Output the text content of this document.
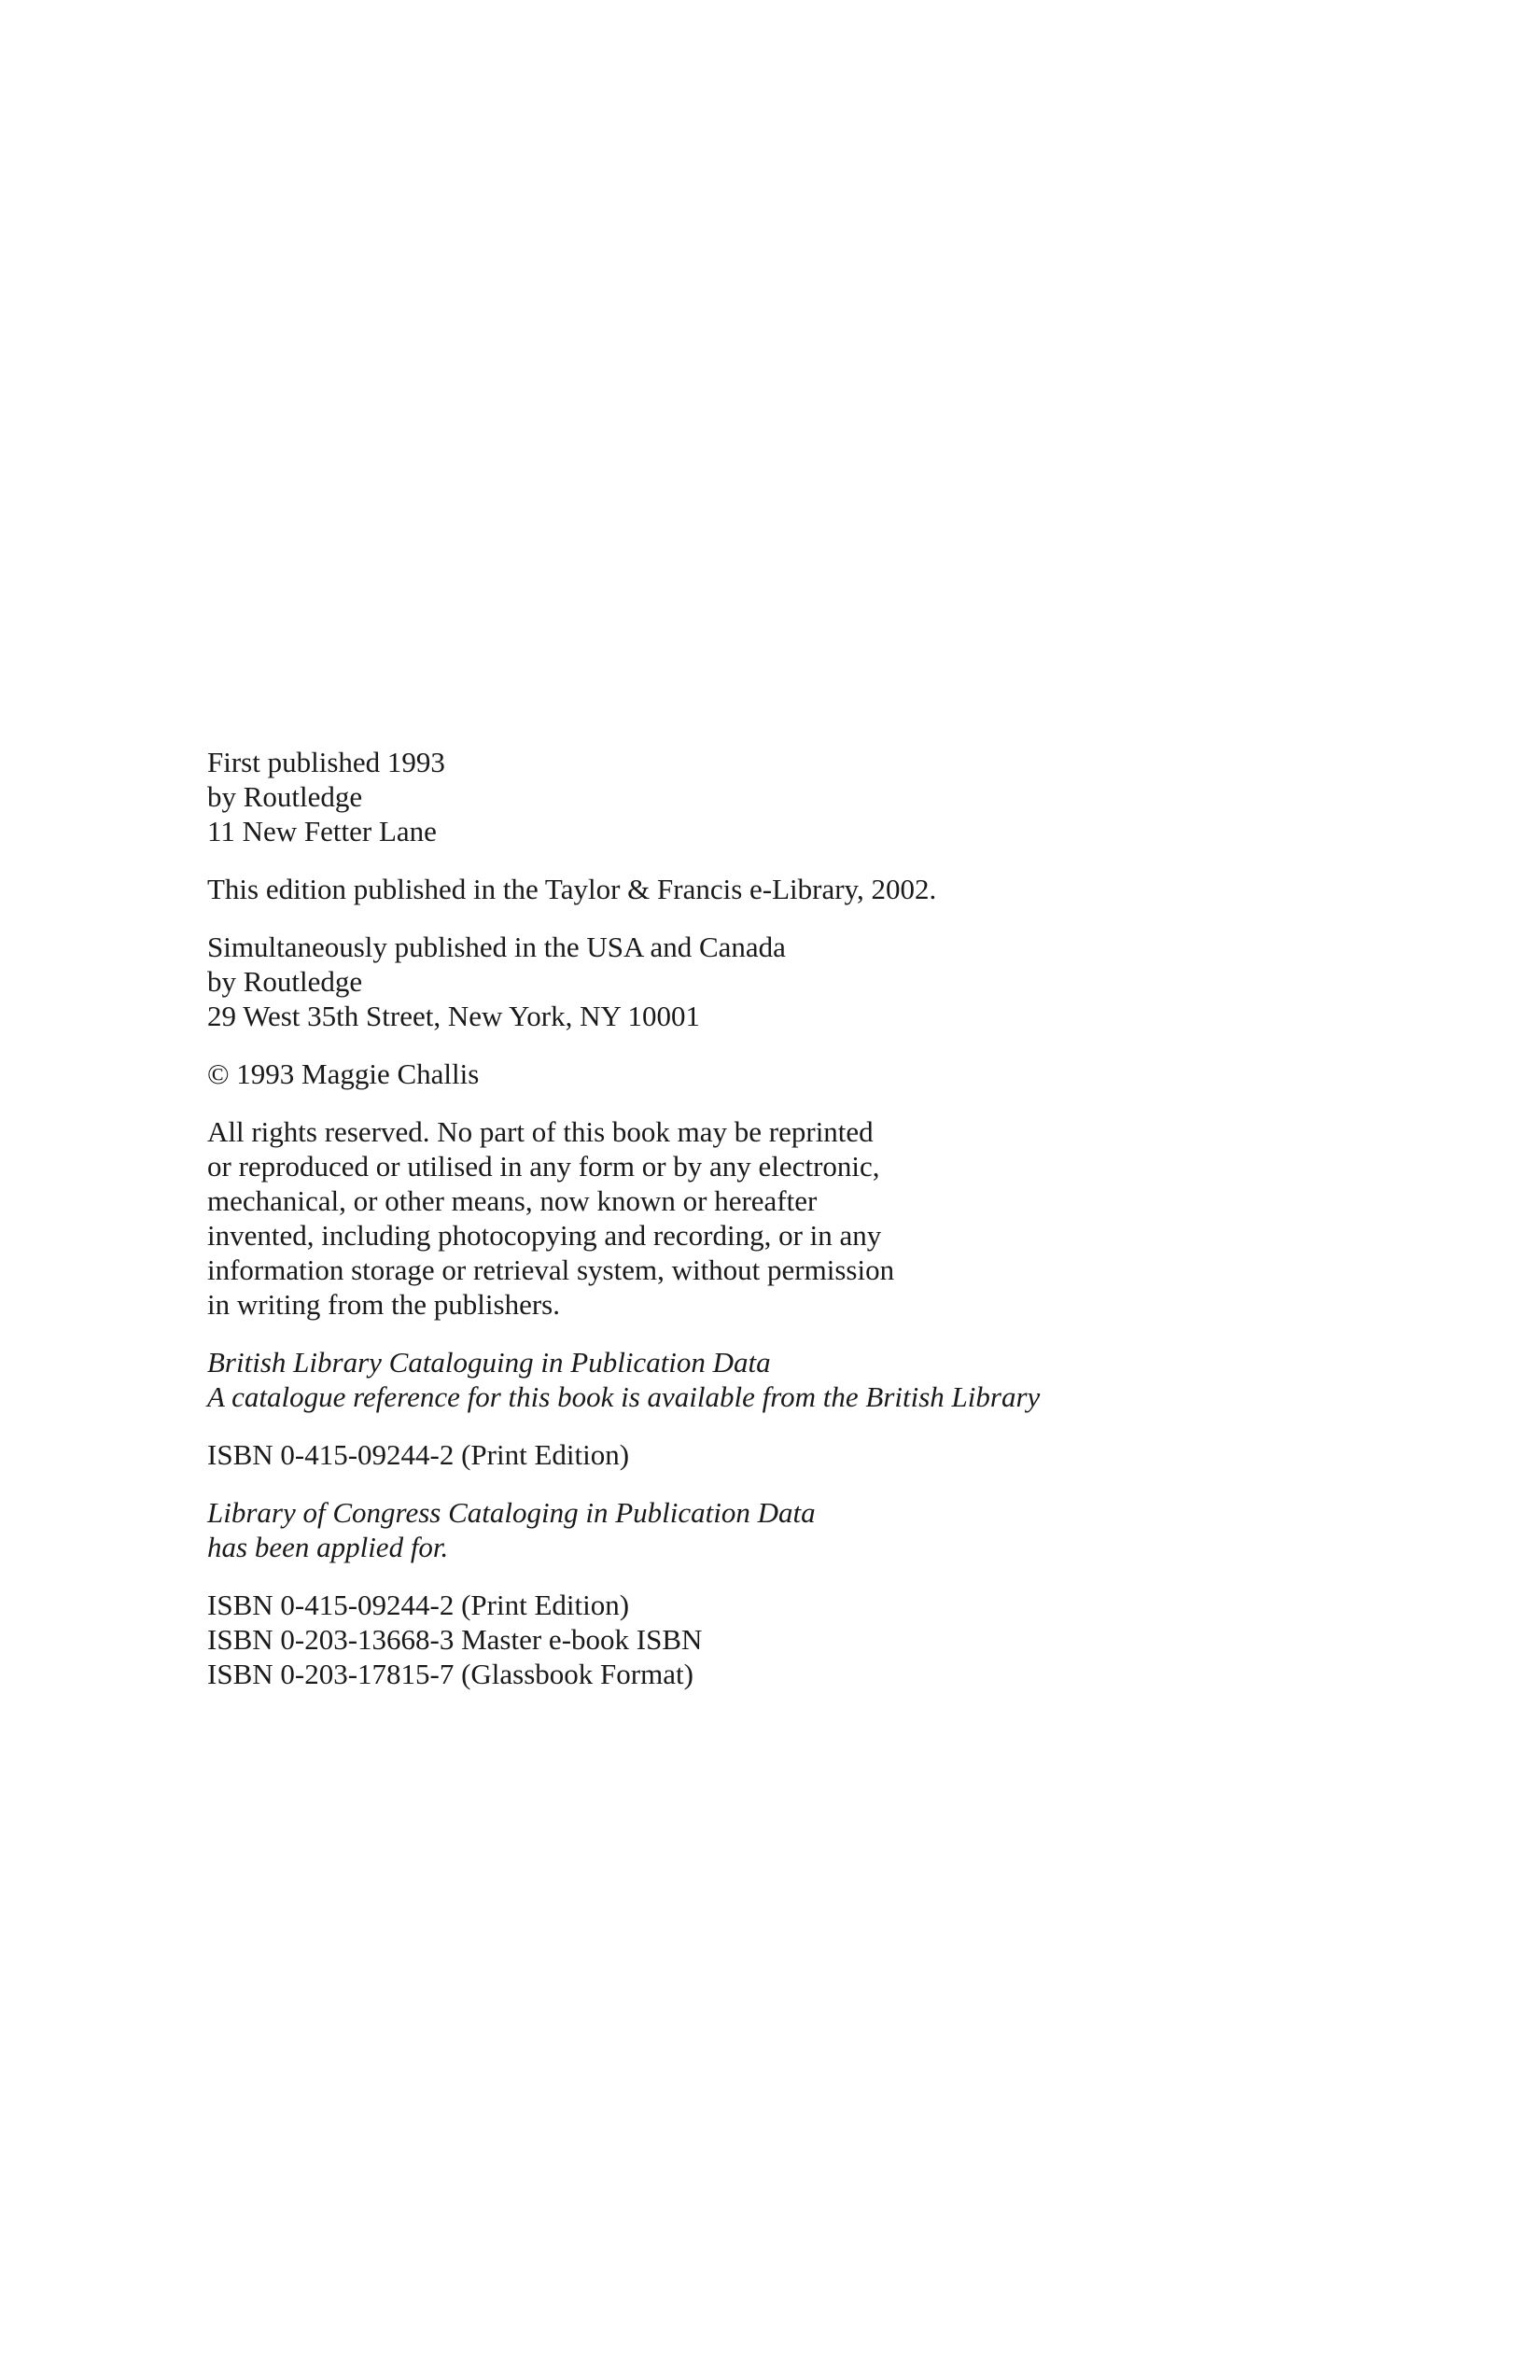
First published 1993
by Routledge
11 New Fetter Lane

This edition published in the Taylor & Francis e-Library, 2002.

Simultaneously published in the USA and Canada
by Routledge
29 West 35th Street, New York, NY 10001

© 1993 Maggie Challis

All rights reserved. No part of this book may be reprinted
or reproduced or utilised in any form or by any electronic,
mechanical, or other means, now known or hereafter
invented, including photocopying and recording, or in any
information storage or retrieval system, without permission
in writing from the publishers.

British Library Cataloguing in Publication Data
A catalogue reference for this book is available from the British Library

ISBN 0-415-09244-2 (Print Edition)

Library of Congress Cataloging in Publication Data
has been applied for.

ISBN 0-415-09244-2 (Print Edition)
ISBN 0-203-13668-3 Master e-book ISBN
ISBN 0-203-17815-7 (Glassbook Format)
